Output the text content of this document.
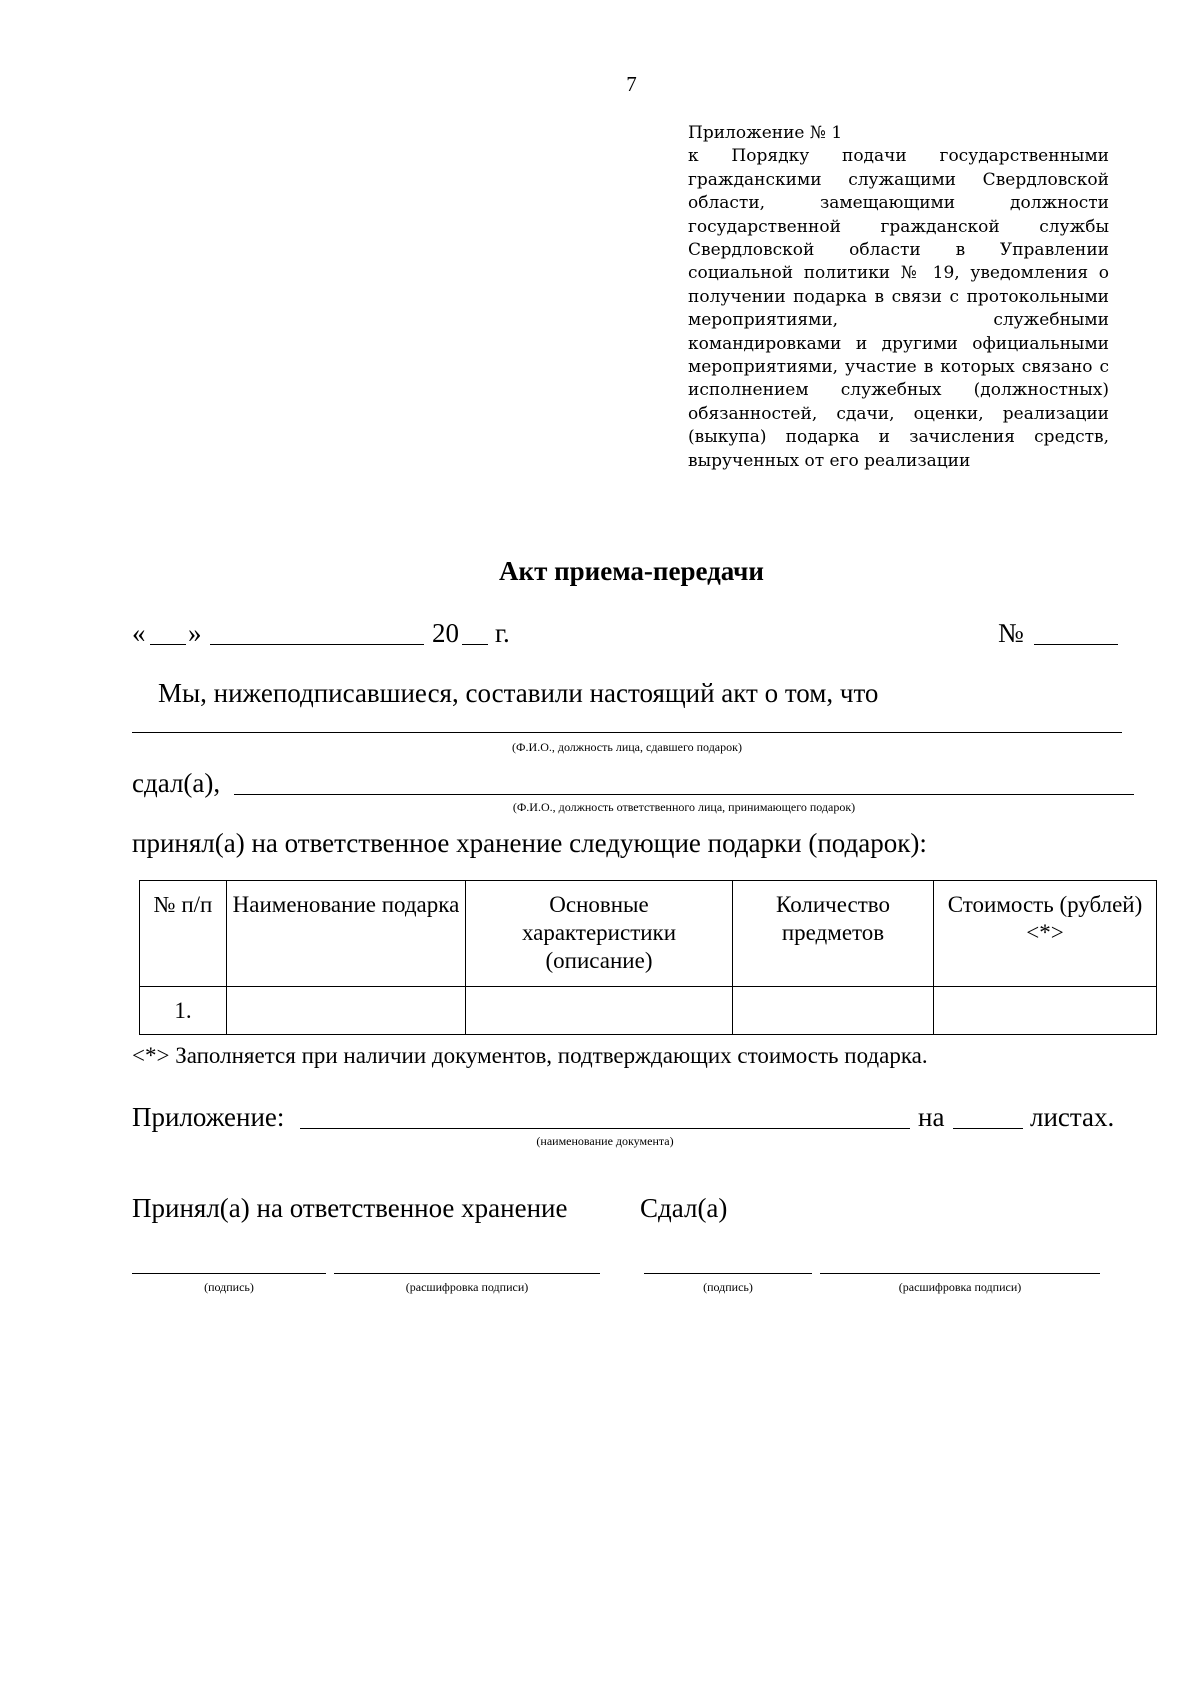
7
Приложение № 1
к Порядку подачи государственными гражданскими служащими Свердловской области, замещающими должности государственной гражданской службы Свердловской области в Управлении социальной политики № 19, уведомления о получении подарка в связи с протокольными мероприятиями, служебными командировками и другими официальными мероприятиями, участие в которых связано с исполнением служебных (должностных) обязанностей, сдачи, оценки, реализации (выкупа) подарка и зачисления средств, вырученных от его реализации
Акт приема-передачи
« »	20 г.	№
Мы, нижеподписавшиеся, составили настоящий акт о том, что
(Ф.И.О., должность лица, сдавшего подарок)
сдал(а),
(Ф.И.О., должность ответственного лица, принимающего подарок)
принял(а) на ответственное хранение следующие подарки (подарок):
№ п/п	Наименование подарка	Основные характеристики (описание)	Количество предметов	Стоимость (рублей) <*>
1.				
<*> Заполняется при наличии документов, подтверждающих стоимость подарка.
Приложение:	на	листах.
(наименование документа)
Принял(а) на ответственное хранение	Сдал(а)
(подпись)	(расшифровка подписи)	(подпись)	(расшифровка подписи)
